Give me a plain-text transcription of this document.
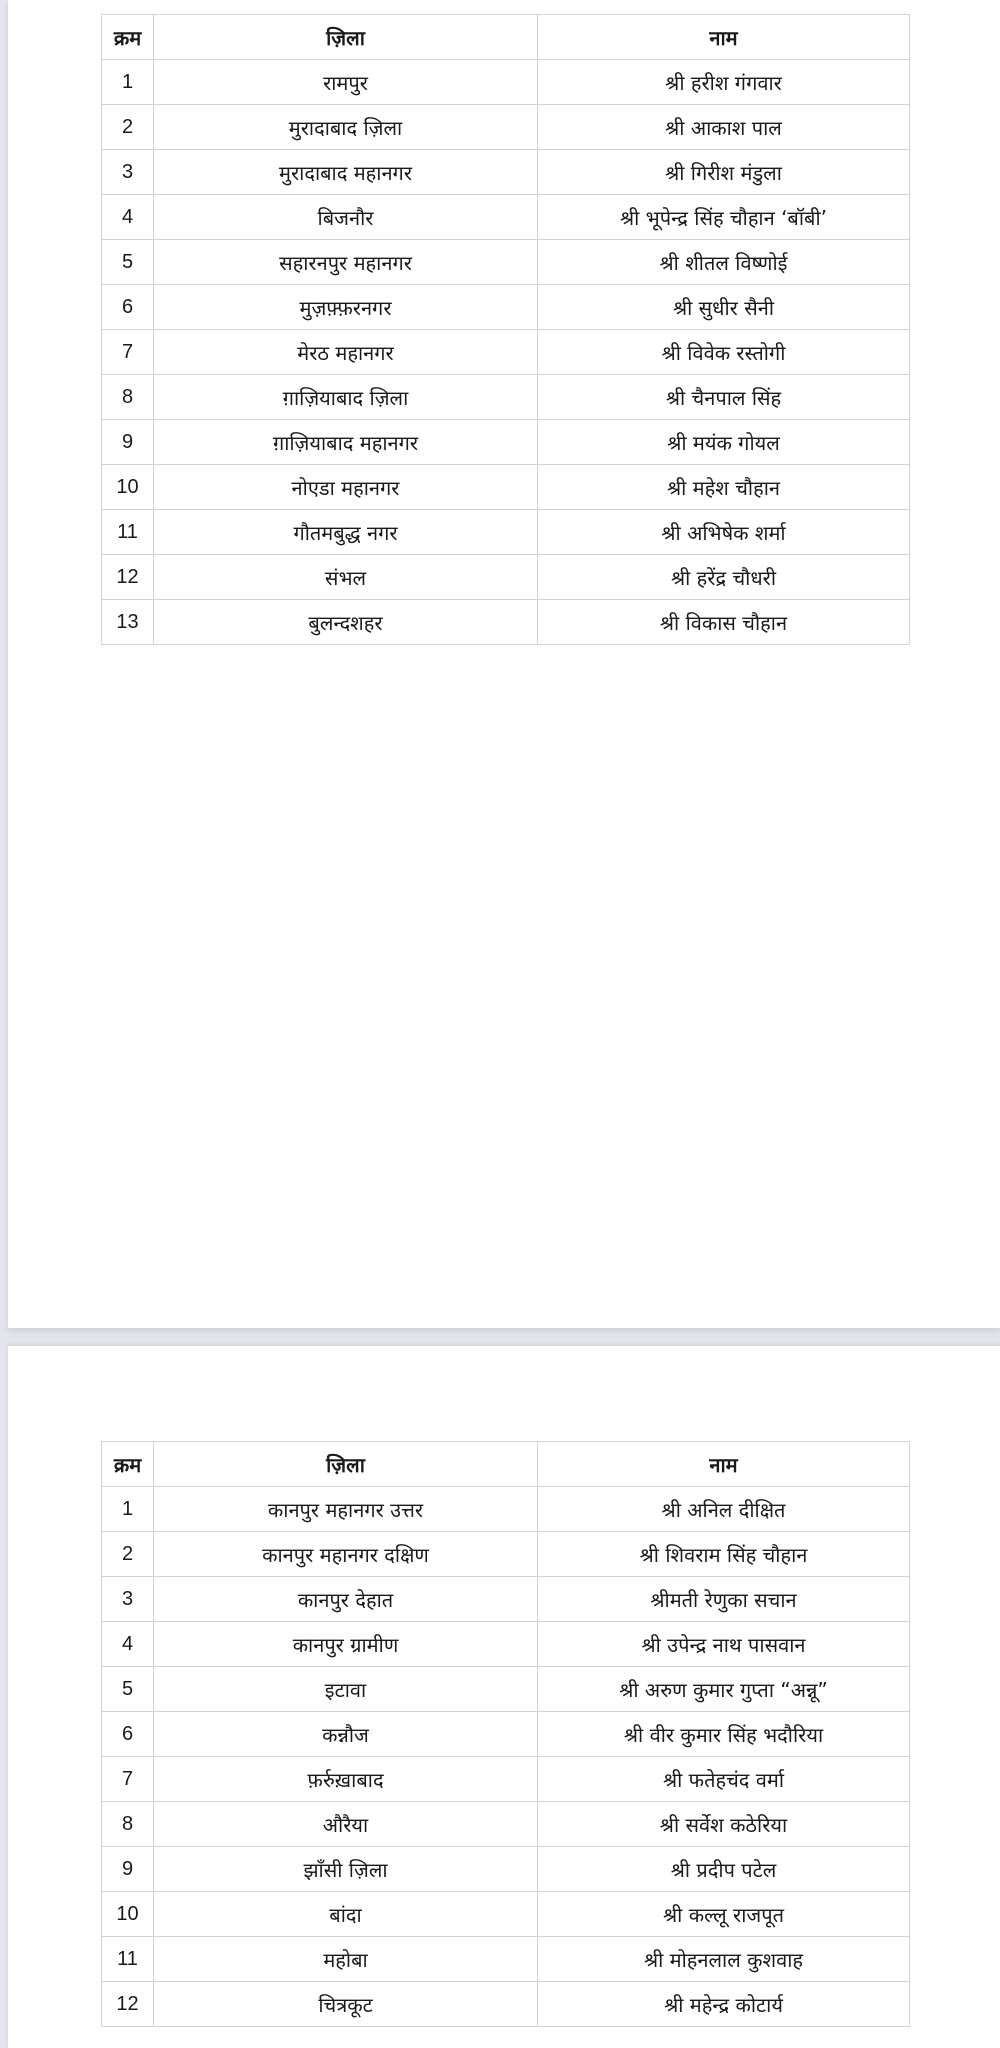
क्रम	ज़िला	नाम
1	रामपुर	श्री हरीश गंगवार
2	मुरादाबाद ज़िला	श्री आकाश पाल
3	मुरादाबाद महानगर	श्री गिरीश मंडुला
4	बिजनौर	श्री भूपेन्द्र सिंह चौहान ‘बॉबी’
5	सहारनपुर महानगर	श्री शीतल विष्णोई
6	मुज़फ़्फ़रनगर	श्री सुधीर सैनी
7	मेरठ महानगर	श्री विवेक रस्तोगी
8	ग़ाज़ियाबाद ज़िला	श्री चैनपाल सिंह
9	ग़ाज़ियाबाद महानगर	श्री मयंक गोयल
10	नोएडा महानगर	श्री महेश चौहान
11	गौतमबुद्ध नगर	श्री अभिषेक शर्मा
12	संभल	श्री हरेंद्र चौधरी
13	बुलन्दशहर	श्री विकास चौहान
क्रम	ज़िला	नाम
1	कानपुर महानगर उत्तर	श्री अनिल दीक्षित
2	कानपुर महानगर दक्षिण	श्री शिवराम सिंह चौहान
3	कानपुर देहात	श्रीमती रेणुका सचान
4	कानपुर ग्रामीण	श्री उपेन्द्र नाथ पासवान
5	इटावा	श्री अरुण कुमार गुप्ता “अन्नू”
6	कन्नौज	श्री वीर कुमार सिंह भदौरिया
7	फ़र्रुख़ाबाद	श्री फतेहचंद वर्मा
8	औरैया	श्री सर्वेश कठेरिया
9	झाँसी ज़िला	श्री प्रदीप पटेल
10	बांदा	श्री कल्लू राजपूत
11	महोबा	श्री मोहनलाल कुशवाह
12	चित्रकूट	श्री महेन्द्र कोटार्य
